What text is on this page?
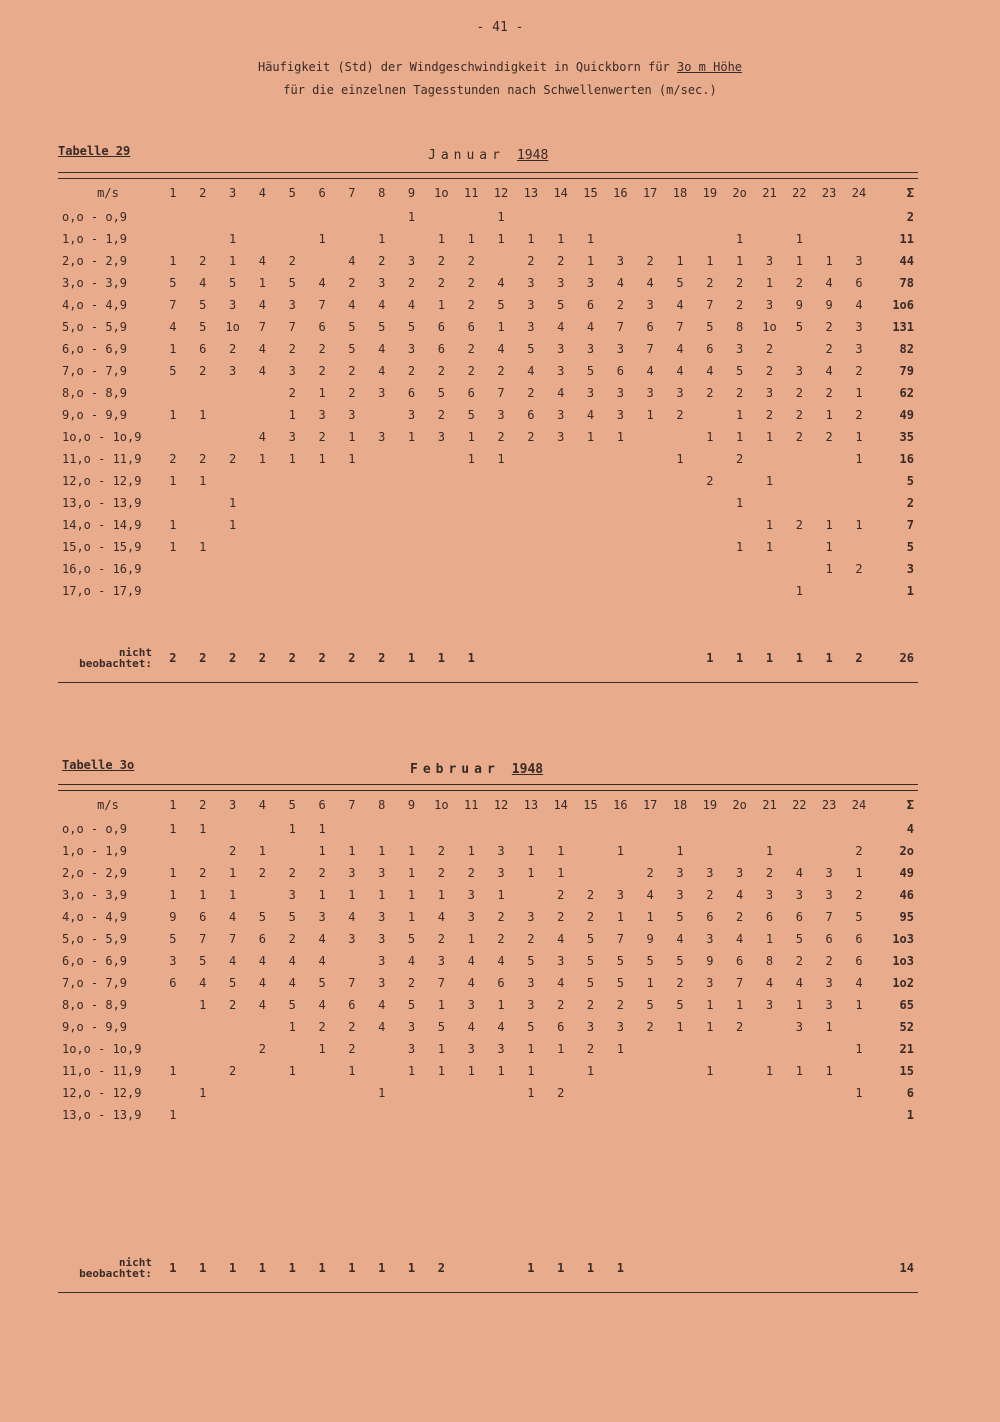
- 41 -
Häufigkeit (Std) der Windgeschwindigkeit in Quickborn für 3o m Höhe
für die einzelnen Tagesstunden nach Schwellenwerten (m/sec.)
Tabelle 29	Januar 1948
m/s	1	2	3	4	5	6	7	8	9	1o	11	12	13	14	15	16	17	18	19	2o	21	22	23	24	Σ
o,o - o,9									1			1													2
1,o - 1,9			1			1		1		1	1	1	1	1	1					1		1			11
2,o - 2,9	1	2	1	4	2		4	2	3	2	2		2	2	1	3	2	1	1	1	3	1	1	3	44
3,o - 3,9	5	4	5	1	5	4	2	3	2	2	2	4	3	3	3	4	4	5	2	2	1	2	4	6	78
4,o - 4,9	7	5	3	4	3	7	4	4	4	1	2	5	3	5	6	2	3	4	7	2	3	9	9	4	1o6
5,o - 5,9	4	5	1o	7	7	6	5	5	5	6	6	1	3	4	4	7	6	7	5	8	1o	5	2	3	131
6,o - 6,9	1	6	2	4	2	2	5	4	3	6	2	4	5	3	3	3	7	4	6	3	2		2	3	82
7,o - 7,9	5	2	3	4	3	2	2	4	2	2	2	2	4	3	5	6	4	4	4	5	2	3	4	2	79
8,o - 8,9					2	1	2	3	6	5	6	7	2	4	3	3	3	3	2	2	3	2	2	1	62
9,o - 9,9	1	1			1	3	3		3	2	5	3	6	3	4	3	1	2		1	2	2	1	2	49
1o,o - 1o,9				4	3	2	1	3	1	3	1	2	2	3	1	1			1	1	1	2	2	1	35
11,o - 11,9	2	2	2	1	1	1	1				1	1						1		2				1	16
12,o - 12,9	1	1																	2		1				5
13,o - 13,9			1																	1					2
14,o - 14,9	1		1																		1	2	1	1	7
15,o - 15,9	1	1																		1	1		1		5
16,o - 16,9																							1	2	3
17,o - 17,9																						1			1

nicht
beobachtet:	2	2	2	2	2	2	2	2	1	1	1								1	1	1	1	1	2	26
Tabelle 3o	Februar 1948
m/s	1	2	3	4	5	6	7	8	9	1o	11	12	13	14	15	16	17	18	19	2o	21	22	23	24	Σ
o,o - o,9	1	1			1	1																			4
1,o - 1,9			2	1		1	1	1	1	2	1	3	1	1		1		1			1			2	2o
2,o - 2,9	1	2	1	2	2	2	3	3	1	2	2	3	1	1			2	3	3	3	2	4	3	1	49
3,o - 3,9	1	1	1		3	1	1	1	1	1	3	1		2	2	3	4	3	2	4	3	3	3	2	46
4,o - 4,9	9	6	4	5	5	3	4	3	1	4	3	2	3	2	2	1	1	5	6	2	6	6	7	5	95
5,o - 5,9	5	7	7	6	2	4	3	3	5	2	1	2	2	4	5	7	9	4	3	4	1	5	6	6	1o3
6,o - 6,9	3	5	4	4	4	4		3	4	3	4	4	5	3	5	5	5	5	9	6	8	2	2	6	1o3
7,o - 7,9	6	4	5	4	4	5	7	3	2	7	4	6	3	4	5	5	1	2	3	7	4	4	3	4	1o2
8,o - 8,9		1	2	4	5	4	6	4	5	1	3	1	3	2	2	2	5	5	1	1	3	1	3	1	65
9,o - 9,9					1	2	2	4	3	5	4	4	5	6	3	3	2	1	1	2		3	1		52
1o,o - 1o,9				2		1	2		3	1	3	3	1	1	2	1								1	21
11,o - 11,9	1		2		1		1		1	1	1	1	1		1				1		1	1	1		15
12,o - 12,9		1						1					1	2										1	6
13,o - 13,9	1																								1

nicht
beobachtet:	1	1	1	1	1	1	1	1	1	2			1	1	1	1									14
